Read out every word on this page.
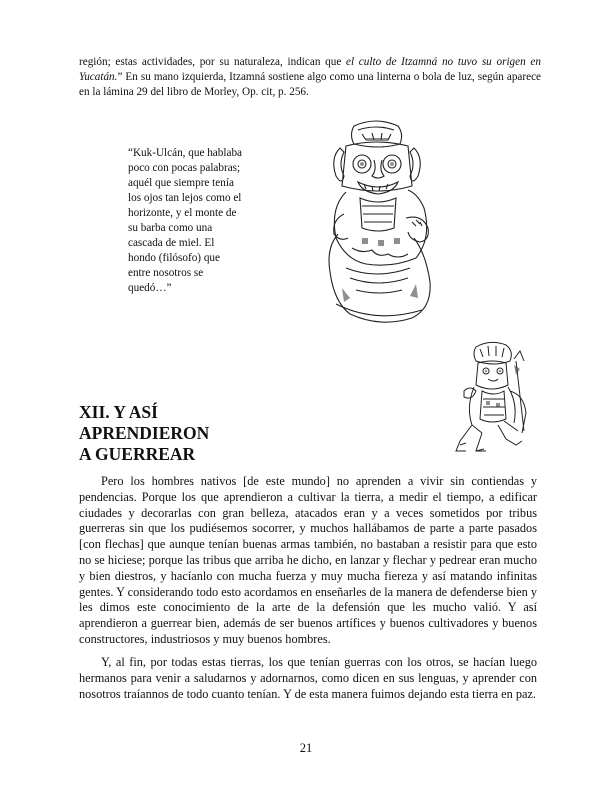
región; estas actividades, por su naturaleza, indican que el culto de Itzamná no tuvo su origen en Yucatán.” En su mano izquierda, Itzamná sostiene algo como una linterna o bola de luz, según aparece en la lámina 29 del libro de Morley, Op. cit, p. 256.

“Kuk-Ulcán, que hablaba
poco con pocas palabras;
aquél que siempre tenía
los ojos tan lejos como el
horizonte, y el monte de
su barba como una
cascada de miel. El
hondo (filósofo) que
entre nosotros se
quedó…”

XII. Y ASÍ
APRENDIERON
A GUERREAR

Pero los hombres nativos [de este mundo] no aprenden a vivir sin contiendas y pendencias. Porque los que aprendieron a cultivar la tierra, a medir el tiempo, a edificar ciudades y decorarlas con gran belleza, atacados eran y a veces sometidos por tribus guerreras sin que los pudiésemos socorrer, y muchos hallábamos de parte a parte pasados [con flechas] que aunque tenían buenas armas también, no bastaban a resistir para que esto no se hiciese; porque las tribus que arriba he dicho, en lanzar y flechar y pedrear eran mucho y bien diestros, y hacíanlo con mucha fuerza y muy mucha fiereza y así matando infinitas gentes. Y considerando todo esto acordamos en enseñarles de la manera de defenderse bien y les dimos este conocimiento de la arte de la defensión que les mucho valió. Y así aprendieron a guerrear bien, además de ser buenos artífices y buenos cultivadores y buenos constructores, industriosos y muy buenos hombres.

Y, al fin, por todas estas tierras, los que tenían guerras con los otros, se hacían luego hermanos para venir a saludarnos y adornarnos, como dicen en sus lenguas, y aprender con nosotros traíannos de todo cuanto tenían. Y de esta manera fuimos dejando esta tierra en paz.

21
